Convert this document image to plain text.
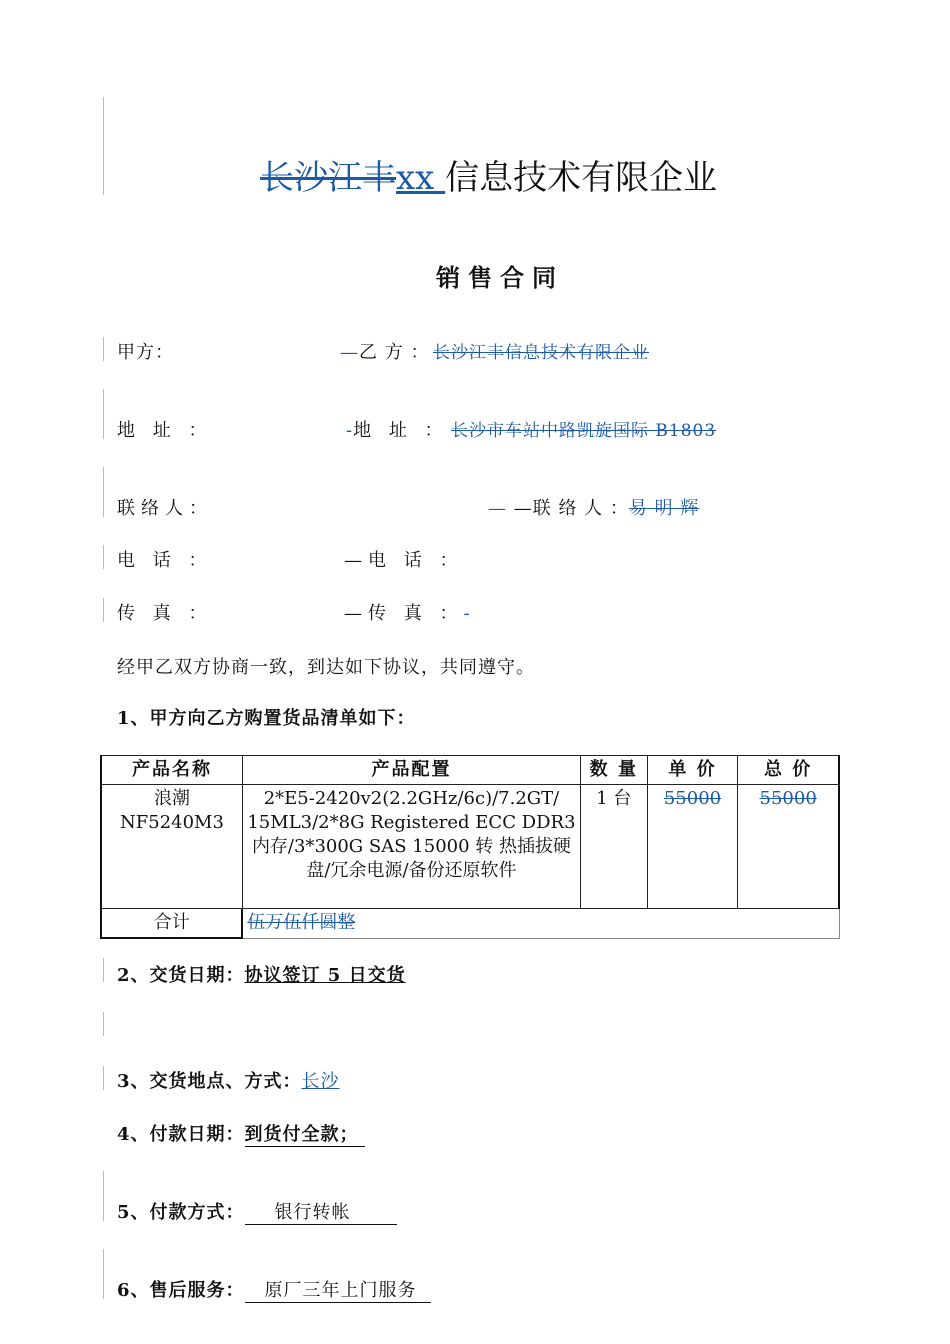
长沙江丰xx 信息技术有限企业
销售合同
甲方：	—乙 方 ： 长沙江丰信息技术有限企业
地 址 ：	-地 址 ： 长沙市车站中路凯旋国际 B1803
联络人：	— —联 络 人 ：易 明 辉
电 话 ：	—电 话 ：
传 真 ：	—传 真 ：-
经甲乙双方协商一致，到达如下协议，共同遵守。
1、甲方向乙方购置货品清单如下：
产品名称	产品配置	数 量	单 价	总 价
浪潮 NF5240M3	2*E5-2420v2(2.2GHz/6c)/7.2GT/ 15ML3/2*8G Registered ECC DDR3 内存/3*300G SAS 15000 转 热插拔硬盘/冗余电源/备份还原软件	1 台	55000	55000
合计	伍万伍仟圆整			
2、交货日期：协议签订 5 日交货
3、交货地点、方式：长沙
4、付款日期：到货付全款；
5、付款方式： 银行转帐
6、售后服务： 原厂三年上门服务
